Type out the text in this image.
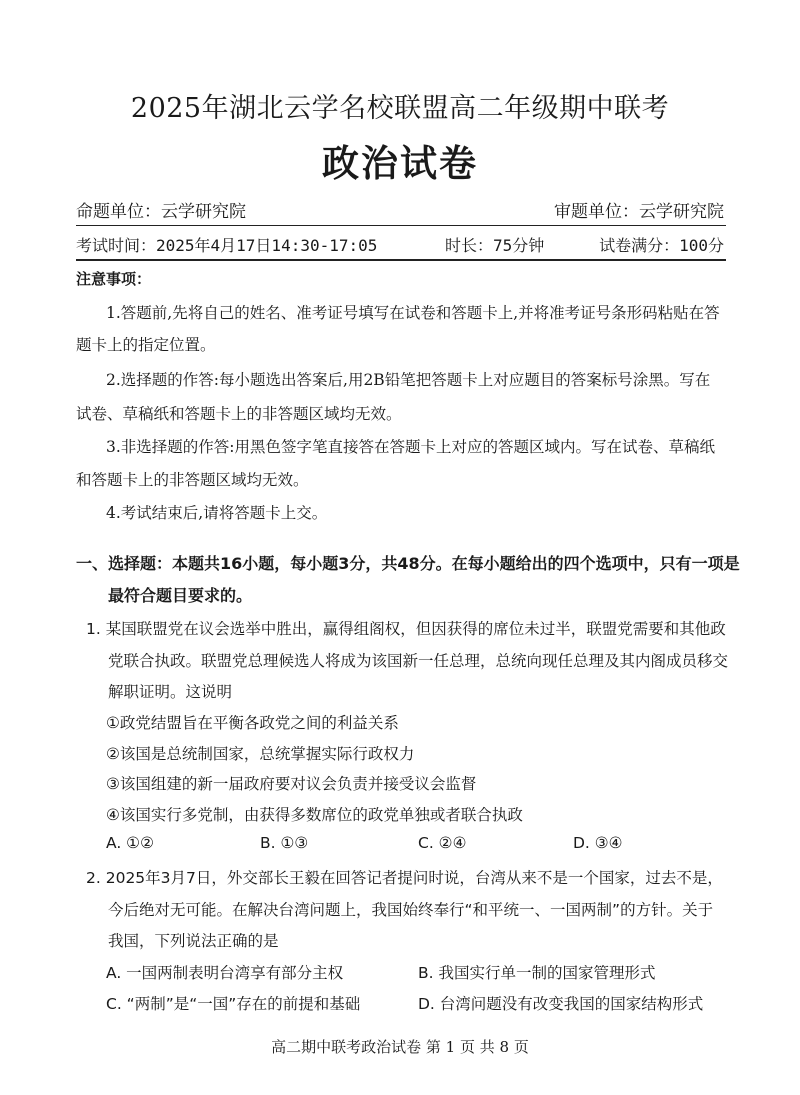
2025年湖北云学名校联盟高二年级期中联考
政治试卷
命题单位：云学研究院	审题单位：云学研究院
考试时间：2025年4月17日14:30-17:05	时长：75分钟	试卷满分：100分
注意事项：
1.答题前,先将自己的姓名、准考证号填写在试卷和答题卡上,并将准考证号条形码粘贴在答
题卡上的指定位置。
2.选择题的作答:每小题选出答案后,用2B铅笔把答题卡上对应题目的答案标号涂黑。写在
试卷、草稿纸和答题卡上的非答题区域均无效。
3.非选择题的作答:用黑色签字笔直接答在答题卡上对应的答题区域内。写在试卷、草稿纸
和答题卡上的非答题区域均无效。
4.考试结束后,请将答题卡上交。
一、选择题：本题共16小题，每小题3分，共48分。在每小题给出的四个选项中，只有一项是
最符合题目要求的。
1. 某国联盟党在议会选举中胜出，赢得组阁权，但因获得的席位未过半，联盟党需要和其他政
党联合执政。联盟党总理候选人将成为该国新一任总理，总统向现任总理及其内阁成员移交
解职证明。这说明
①政党结盟旨在平衡各政党之间的利益关系
②该国是总统制国家，总统掌握实际行政权力
③该国组建的新一届政府要对议会负责并接受议会监督
④该国实行多党制，由获得多数席位的政党单独或者联合执政
A. ①②	B. ①③	C. ②④	D. ③④
2. 2025年3月7日，外交部长王毅在回答记者提问时说，台湾从来不是一个国家，过去不是，
今后绝对无可能。在解决台湾问题上，我国始终奉行“和平统一、一国两制”的方针。关于
我国，下列说法正确的是
A. 一国两制表明台湾享有部分主权	B. 我国实行单一制的国家管理形式
C. “两制”是“一国”存在的前提和基础	D. 台湾问题没有改变我国的国家结构形式
高二期中联考政治试卷 第 1 页 共 8 页
